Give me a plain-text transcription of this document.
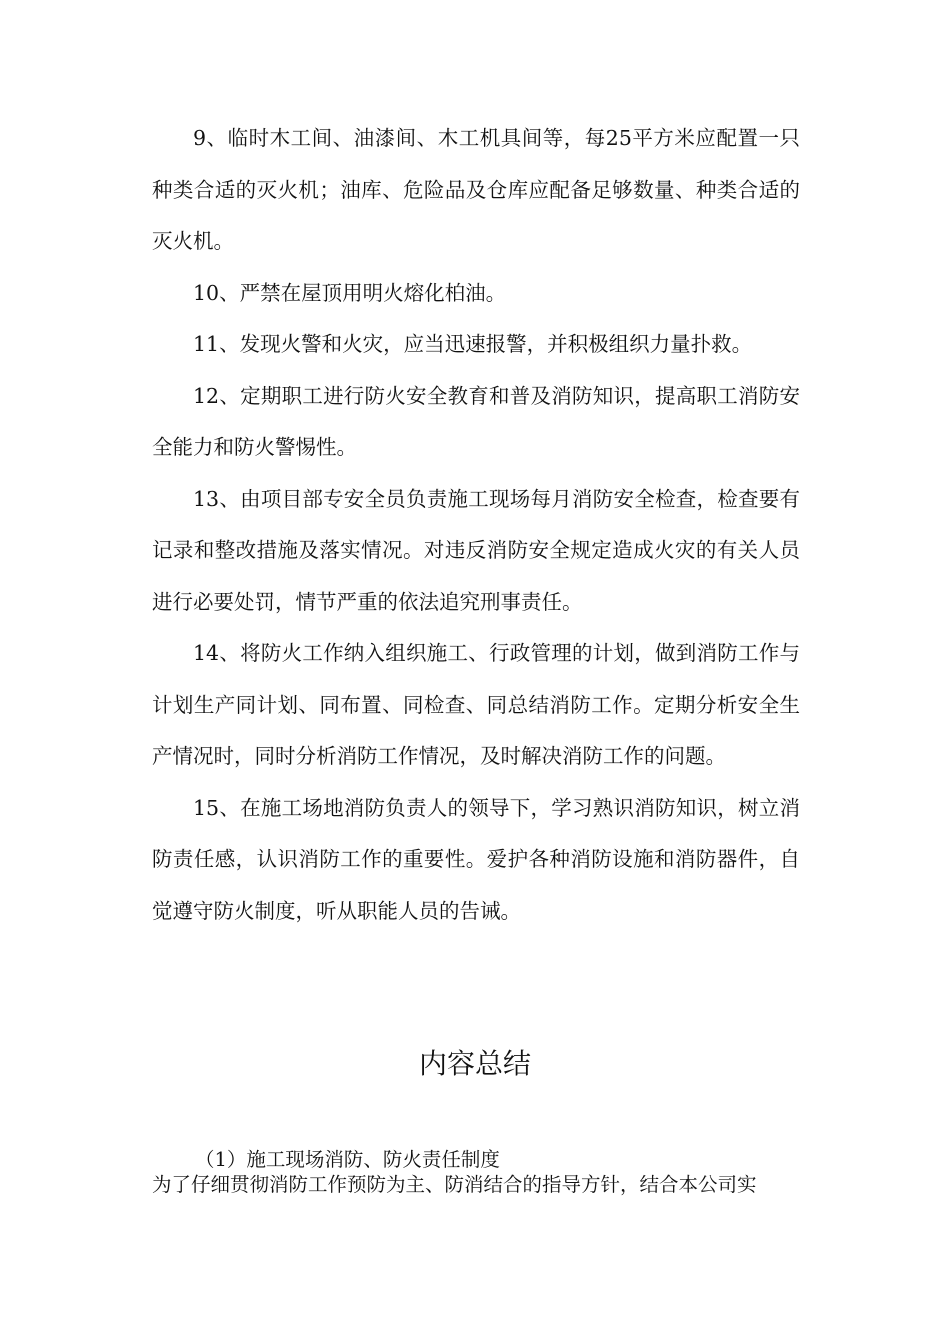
9、临时木工间、油漆间、木工机具间等，每25平方米应配置一只种类合适的灭火机；油库、危险品及仓库应配备足够数量、种类合适的灭火机。

10、严禁在屋顶用明火熔化柏油。

11、发现火警和火灾，应当迅速报警，并积极组织力量扑救。

12、定期职工进行防火安全教育和普及消防知识，提高职工消防安全能力和防火警惕性。

13、由项目部专安全员负责施工现场每月消防安全检查，检查要有记录和整改措施及落实情况。对违反消防安全规定造成火灾的有关人员进行必要处罚，情节严重的依法追究刑事责任。

14、将防火工作纳入组织施工、行政管理的计划，做到消防工作与计划生产同计划、同布置、同检查、同总结消防工作。定期分析安全生产情况时，同时分析消防工作情况，及时解决消防工作的问题。

15、在施工场地消防负责人的领导下，学习熟识消防知识，树立消防责任感，认识消防工作的重要性。爱护各种消防设施和消防器件，自觉遵守防火制度，听从职能人员的告诫。

内容总结

（1）施工现场消防、防火责任制度

为了仔细贯彻消防工作预防为主、防消结合的指导方针，结合本公司实
